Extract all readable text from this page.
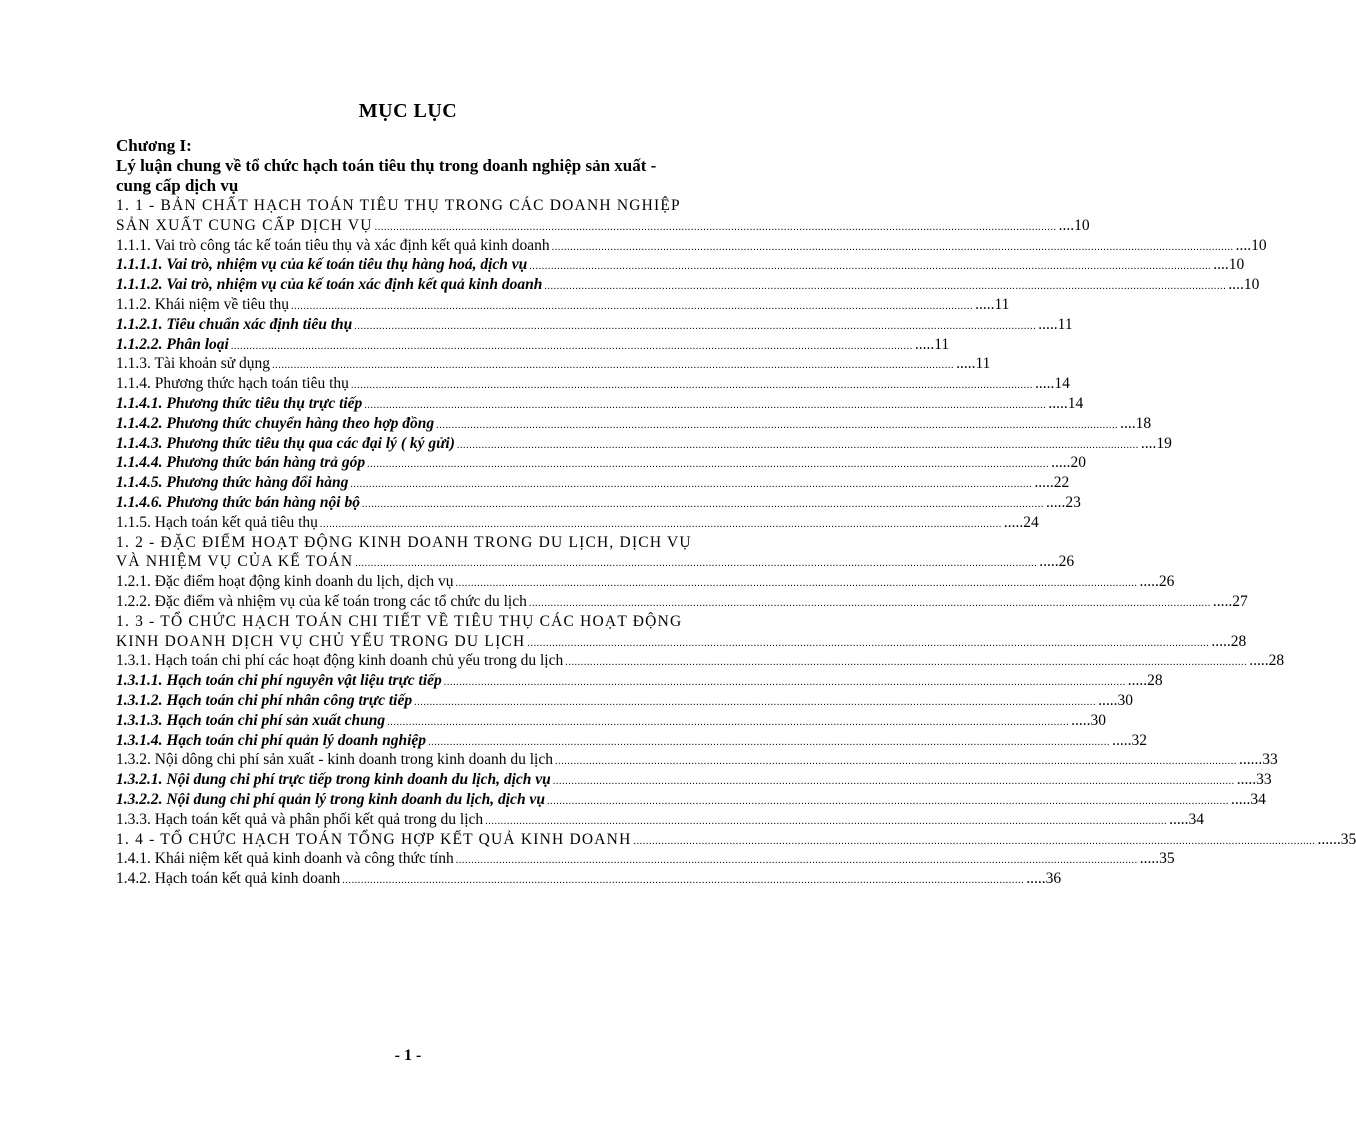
MỤC LỤC
Chương I:
Lý luận chung về tổ chức hạch toán tiêu thụ trong doanh nghiệp sản xuất -
cung cấp dịch vụ
1. 1 - BẢN CHẤT HẠCH TOÁN TIÊU THỤ TRONG CÁC DOANH NGHIỆP
SẢN XUẤT CUNG CẤP DỊCH VỤ ............................................................................................................................................................................................................................ ....10
1.1.1. Vai trò công tác kế toán tiêu thụ và xác định kết quả kinh doanh ............................................................................................................................................................................................................................ ....10
1.1.1.1. Vai trò, nhiệm vụ của kế toán tiêu thụ hàng hoá, dịch vụ ............................................................................................................................................................................................................................ ....10
1.1.1.2. Vai trò, nhiệm vụ của kế toán xác định kết quả kinh doanh ............................................................................................................................................................................................................................ ....10
1.1.2. Khái niệm về tiêu thụ ............................................................................................................................................................................................................................ .....11
1.1.2.1. Tiêu chuẩn xác định tiêu thụ ............................................................................................................................................................................................................................ .....11
1.1.2.2. Phân loại ............................................................................................................................................................................................................................ .....11
1.1.3. Tài khoản sử dụng ............................................................................................................................................................................................................................ .....11
1.1.4. Phương thức hạch toán tiêu thụ ............................................................................................................................................................................................................................ .....14
1.1.4.1. Phương thức tiêu thụ trực tiếp ............................................................................................................................................................................................................................ .....14
1.1.4.2. Phương thức chuyển hàng theo hợp đồng ............................................................................................................................................................................................................................ ....18
1.1.4.3. Phương thức tiêu thụ qua các đại lý ( ký gửi) ............................................................................................................................................................................................................................ ....19
1.1.4.4. Phương thức bán hàng trả góp ............................................................................................................................................................................................................................ .....20
1.1.4.5. Phương thức hàng đổi hàng ............................................................................................................................................................................................................................ .....22
1.1.4.6. Phương thức bán hàng nội bộ ............................................................................................................................................................................................................................ .....23
1.1.5. Hạch toán kết quả tiêu thụ ............................................................................................................................................................................................................................ .....24
1. 2 - ĐẶC ĐIỂM HOẠT ĐỘNG KINH DOANH TRONG DU LỊCH, DỊCH VỤ
VÀ NHIỆM VỤ CỦA KẾ TOÁN ............................................................................................................................................................................................................................ .....26
1.2.1. Đặc điểm hoạt động kinh doanh du lịch, dịch vụ ............................................................................................................................................................................................................................ .....26
1.2.2. Đặc điểm và nhiệm vụ của kế toán trong các tổ chức du lịch ............................................................................................................................................................................................................................ .....27
1. 3 - TỔ CHỨC HẠCH TOÁN CHI TIẾT VỀ TIÊU THỤ CÁC HOẠT ĐỘNG
KINH DOANH DỊCH VỤ CHỦ YẾU TRONG DU LỊCH ............................................................................................................................................................................................................................ .....28
1.3.1. Hạch toán chi phí các hoạt động kinh doanh chủ yếu trong du lịch ............................................................................................................................................................................................................................ .....28
1.3.1.1. Hạch toán chi phí nguyên vật liệu trực tiếp ............................................................................................................................................................................................................................ .....28
1.3.1.2. Hạch toán chi phí nhân công trực tiếp ............................................................................................................................................................................................................................ .....30
1.3.1.3. Hạch toán chi phí sản xuất chung ............................................................................................................................................................................................................................ .....30
1.3.1.4. Hạch toán chi phí quản lý doanh nghiệp ............................................................................................................................................................................................................................ .....32
1.3.2. Nội dông chi phí sản xuất - kinh doanh trong kinh doanh du lịch ............................................................................................................................................................................................................................ ......33
1.3.2.1. Nội dung chi phí trực tiếp trong kinh doanh du lịch, dịch vụ ............................................................................................................................................................................................................................ .....33
1.3.2.2. Nội dung chi phí quản lý trong kinh doanh du lịch, dịch vụ ............................................................................................................................................................................................................................ .....34
1.3.3. Hạch toán kết quả và phân phối kết quả trong du lịch ............................................................................................................................................................................................................................ .....34
1. 4 - TỔ CHỨC HẠCH TOÁN TỔNG HỢP KẾT QUẢ KINH DOANH ............................................................................................................................................................................................................................ ......35
1.4.1. Khái niệm kết quả kinh doanh và công thức tính ............................................................................................................................................................................................................................ .....35
1.4.2. Hạch toán kết quả kinh doanh ............................................................................................................................................................................................................................ .....36
- 1 -
